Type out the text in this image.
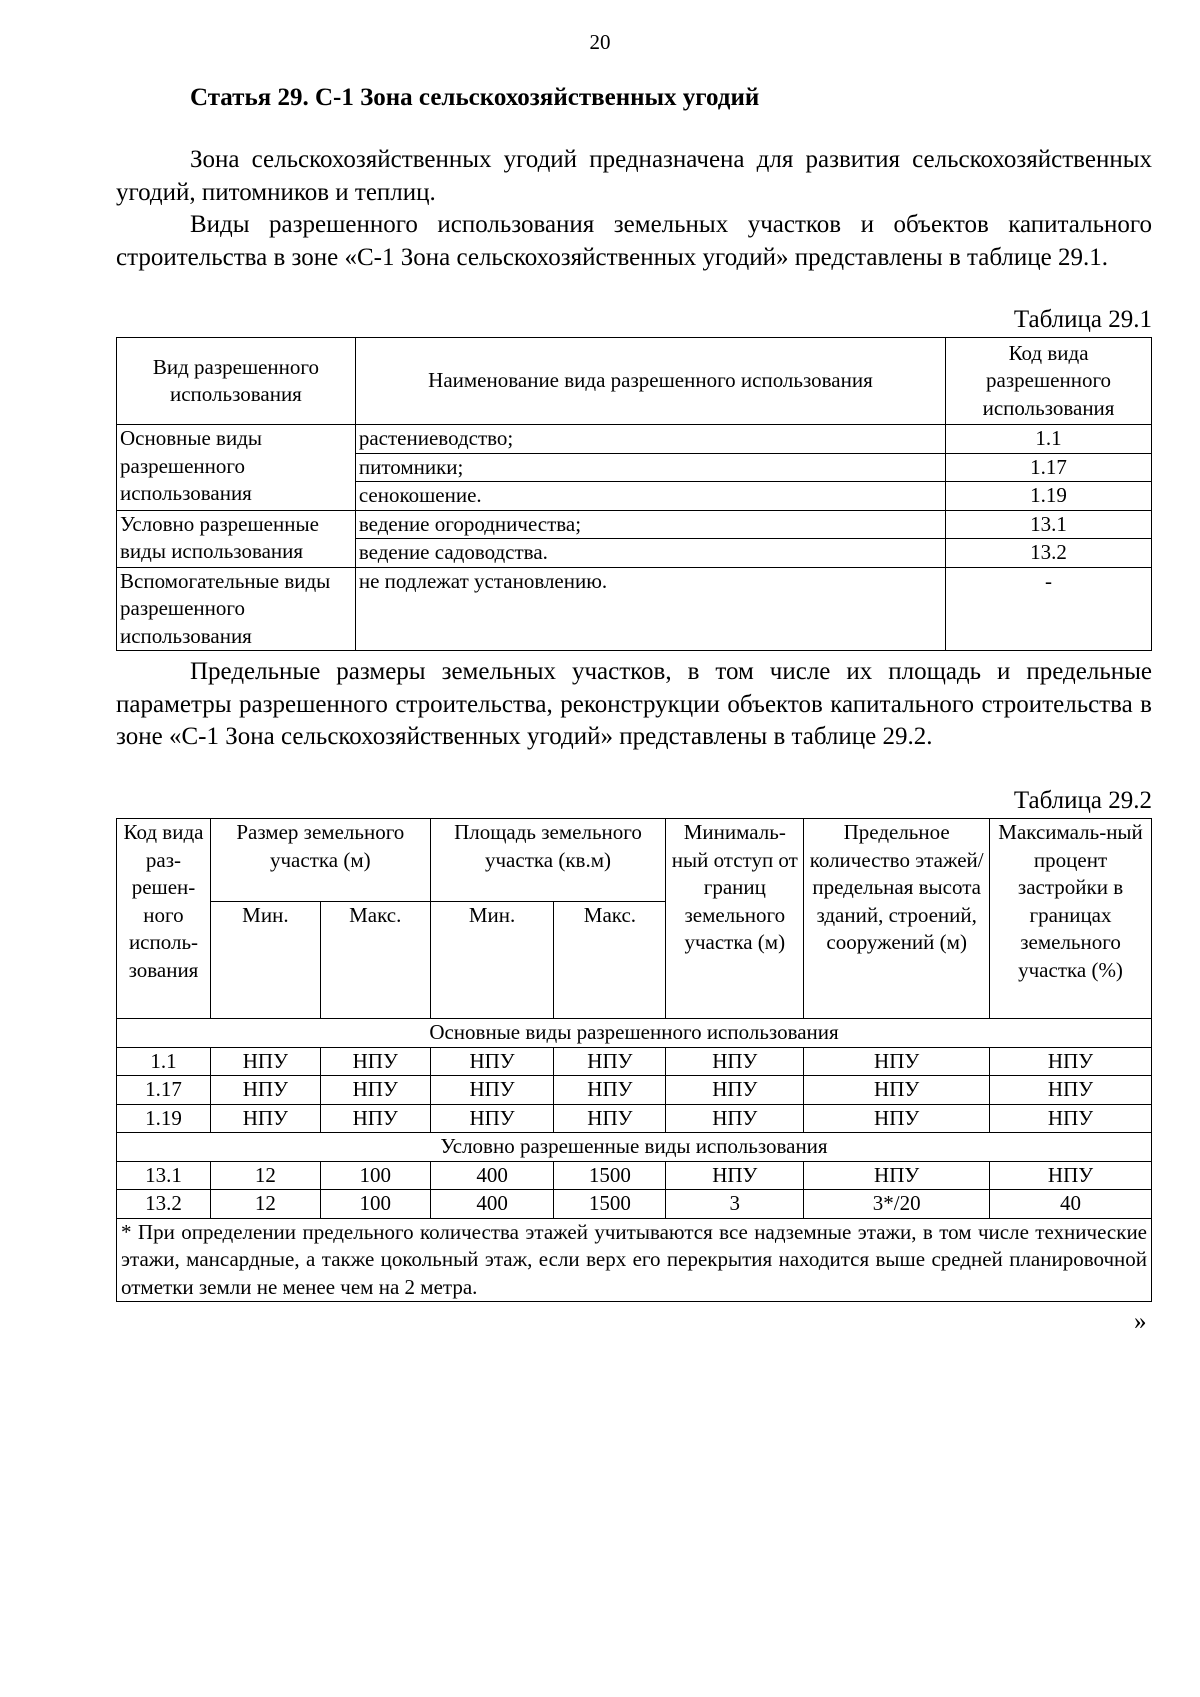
20
Статья 29. С-1 Зона сельскохозяйственных угодий
Зона сельскохозяйственных угодий предназначена для развития сельскохозяйственных угодий, питомников и теплиц.
Виды разрешенного использования земельных участков и объектов капитального строительства в зоне «С-1 Зона сельскохозяйственных угодий» представлены в таблице 29.1.
Таблица 29.1
Вид разрешенного использования	Наименование вида разрешенного использования	Код вида разрешенного использования
Основные виды разрешенного использования	растениеводство;	1.1
	питомники;	1.17
	сенокошение.	1.19
Условно разрешенные виды использования	ведение огородничества;	13.1
	ведение садоводства.	13.2
Вспомогательные виды разрешенного использования	не подлежат установлению.	-
Предельные размеры земельных участков, в том числе их площадь и предельные параметры разрешенного строительства, реконструкции объектов капитального строительства в зоне «С-1 Зона сельскохозяйственных угодий» представлены в таблице 29.2.
Таблица 29.2
Код вида раз-решен-ного исполь-зования	Размер земельного участка (м)		Площадь земельного участка (кв.м)		Минималь-ный отступ от границ земельного участка (м)	Предельное количество этажей/ предельная высота зданий, строений, сооружений (м)	Максималь-ный процент застройки в границах земельного участка (%)
	Мин.	Макс.	Мин.	Макс.			
Основные виды разрешенного использования							
1.1	НПУ	НПУ	НПУ	НПУ	НПУ	НПУ	НПУ
1.17	НПУ	НПУ	НПУ	НПУ	НПУ	НПУ	НПУ
1.19	НПУ	НПУ	НПУ	НПУ	НПУ	НПУ	НПУ
Условно разрешенные виды использования							
13.1	12	100	400	1500	НПУ	НПУ	НПУ
13.2	12	100	400	1500	3	3*/20	40
* При определении предельного количества этажей учитываются все надземные этажи, в том числе технические этажи, мансардные, а также цокольный этаж, если верх его перекрытия находится выше средней планировочной отметки земли не менее чем на 2 метра.							
»
